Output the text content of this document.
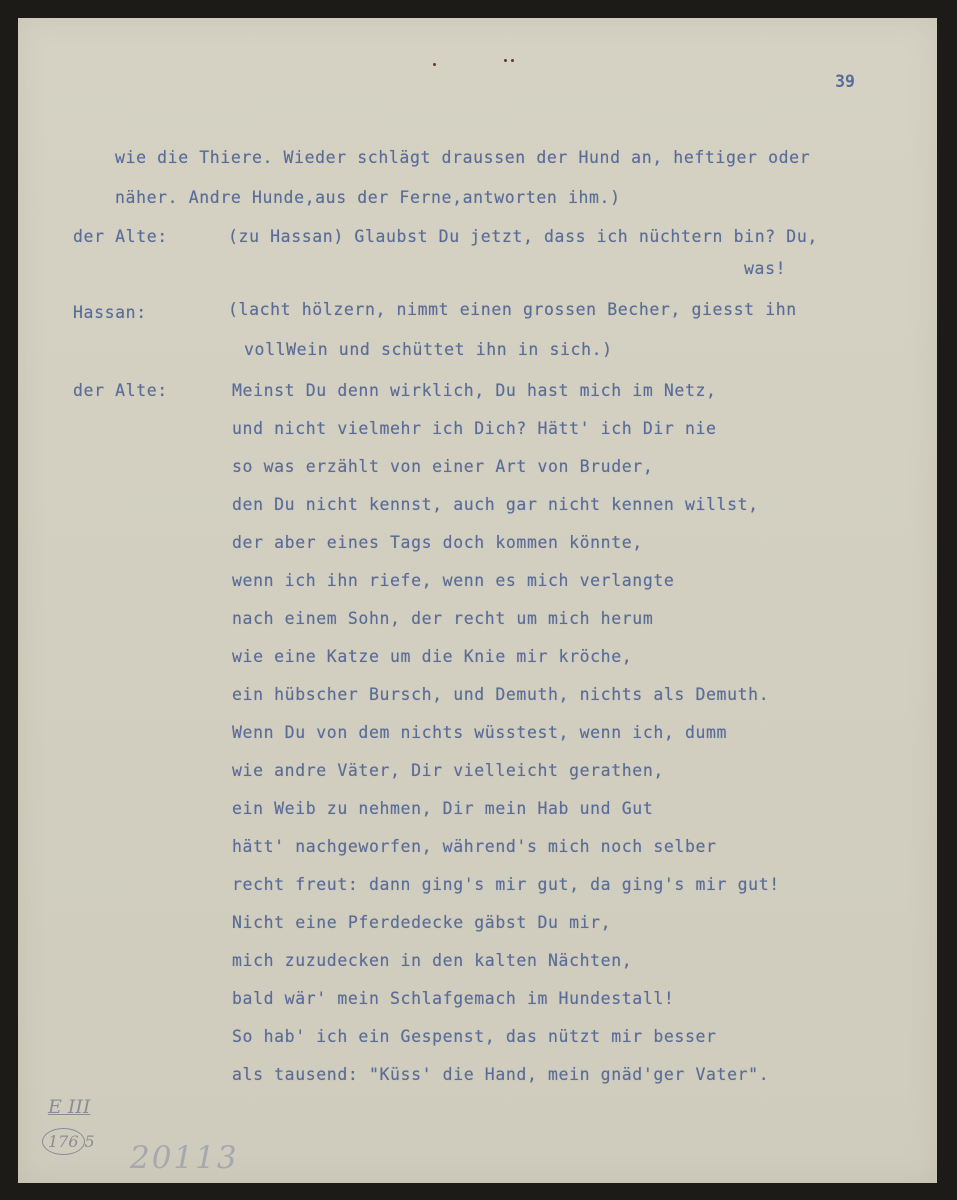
39
wie die Thiere. Wieder schlägt draussen der Hund an, heftiger oder
näher. Andre Hunde,aus der Ferne,antworten ihm.)
der Alte:	(zu Hassan) Glaubst Du jetzt, dass ich nüchtern bin? Du,
was!
Hassan:	(lacht hölzern, nimmt einen grossen Becher, giesst ihn
vollWein und schüttet ihn in sich.)
der Alte:	Meinst Du denn wirklich, Du hast mich im Netz,
und nicht vielmehr ich Dich? Hätt' ich Dir nie
so was erzählt von einer Art von Bruder,
den Du nicht kennst, auch gar nicht kennen willst,
der aber eines Tags doch kommen könnte,
wenn ich ihn riefe, wenn es mich verlangte
nach einem Sohn, der recht um mich herum
wie eine Katze um die Knie mir kröche,
ein hübscher Bursch, und Demuth, nichts als Demuth.
Wenn Du von dem nichts wüsstest, wenn ich, dumm
wie andre Väter, Dir vielleicht gerathen,
ein Weib zu nehmen, Dir mein Hab und Gut
hätt' nachgeworfen, während's mich noch selber
recht freut: dann ging's mir gut, da ging's mir gut!
Nicht eine Pferdedecke gäbst Du mir,
mich zuzudecken in den kalten Nächten,
bald wär' mein Schlafgemach im Hundestall!
So hab' ich ein Gespenst, das nützt mir besser
als tausend: "Küss' die Hand, mein gnäd'ger Vater".
E III
176 5 20113
